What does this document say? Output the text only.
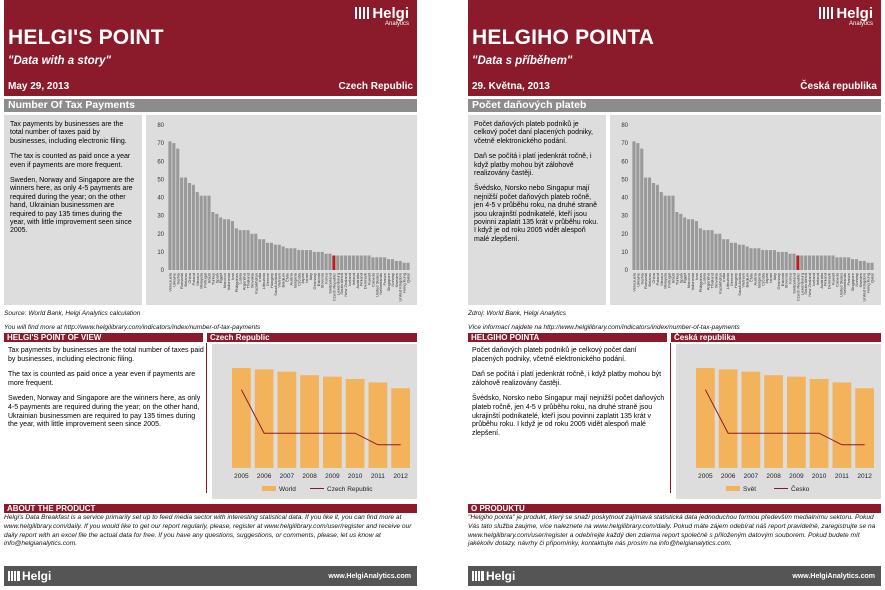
Helgi
Analytics
HELGI'S POINT
"Data with a story"
May 29, 2013	Czech Republic
Number Of Tax Payments

Tax payments by businesses are the total number of taxes paid by businesses, including electronic filing.

The tax is counted as paid once a year even if payments are more frequent.

Sweden, Norway and Singapore are the winners here, as only 4-5 payments are required during the year; on the other hand, Ukrainian businessmen are required to pay 135 times during the year, with little improvement seen since 2005.

0
10
20
30
40
50
60
70
80
Venezuela
Ukraine
Serbia
Romania
Belarus
China
Poland
Mexico
Malaysia
Portugal
Brazil
Turkey
Spain
Egypt
Morocco
Indonesia
Iran
Philippines
Latvia
Argentina
Thailand
Slovakia
Kazakhstan
India
Lithuania
Greece
Hungary
Saudi Arabia
Vietnam
Belgium
Chile
Austria
Bulgaria
Croatia
Japan
Israel
Italy
Germany
Estonia
Slovenia
Korea
Switzerland
Czech Republic
Luxembourg
South Africa
New Zealand
Iceland
Ireland
Australia
Finland
Denmark
Kuwait
Canada
United States
Netherlands
France
Singapore
Norway
Sweden
United Kingdom
Hong Kong
Qatar
Source: World Bank, Helgi Analytics calculation
You will find more at http://www.helgilibrary.com/indicators/index/number-of-tax-payments
HELGI'S POINT OF VIEW	Czech Republic

Tax payments by businesses are the total number of taxes paid by businesses, including electronic filing.

The tax is counted as paid once a year even if payments are more frequent.

Sweden, Norway and Singapore are the winners here, as only 4-5 payments are required during the year; on the other hand, Ukrainian businessmen are required to pay 135 times during the year, with little improvement seen since 2005.

2005 2006 2007 2008 2009 2010 2011 2012
World	Czech Republic
ABOUT THE PRODUCT
Helgi's Data Breakfast is a service primarily set up to feed media sector with interesting statistical data. If you like it, you can find more at www.helgilibrary.com/daily. If you would like to get our report regularly, please, register at www.helgilibrary.com/user/register and receive our daily report with an excel file the actual data for free. If you have any questions, suggestions, or comments, please, let us know at info@helgianalytics.com.
Helgi	www.HelgiAnalytics.com
Helgi
Analytics
HELGIHO POINTA
"Data s příběhem"
29. Května, 2013	Česká republika
Počet daňových plateb

Počet daňových plateb podniků je celkový počet daní placených podniky, včetně elektronického podání.

Daň se počítá i platí jedenkrát ročně, i když platby mohou být zálohově realizovány častěji.

Švédsko, Norsko nebo Singapur mají nejnižší počet daňových plateb ročně, jen 4-5 v průběhu roku, na druhé straně jsou ukrajinští podnikatelé, kteří jsou povinni zaplatit 135 krát v průběhu roku. I když je od roku 2005 vidět alespoň malé zlepšení.

0
10
20
30
40
50
60
70
80
Venezuela
Ukraine
Serbia
Romania
Belarus
China
Poland
Mexico
Malaysia
Portugal
Brazil
Turkey
Spain
Egypt
Morocco
Indonesia
Iran
Philippines
Latvia
Argentina
Thailand
Slovakia
Kazakhstan
India
Lithuania
Greece
Hungary
Saudi Arabia
Vietnam
Belgium
Chile
Austria
Bulgaria
Croatia
Japan
Israel
Italy
Germany
Estonia
Slovenia
Korea
Switzerland
Czech Republic
Luxembourg
South Africa
New Zealand
Iceland
Ireland
Australia
Finland
Denmark
Kuwait
Canada
United States
Netherlands
France
Singapore
Norway
Sweden
United Kingdom
Hong Kong
Qatar
Zdroj: World Bank, Helgi Analytics
Více informací najdete na http://www.helgilibrary.com/indicators/index/number-of-tax-payments
HELGIHO POINTA	Česká republika

Počet daňových plateb podniků je celkový počet daní placených podniky, včetně elektronického podání.

Daň se počítá i platí jedenkrát ročně, i když platby mohou být zálohově realizovány častěji.

Švédsko, Norsko nebo Singapur mají nejnižší počet daňových plateb ročně, jen 4-5 v průběhu roku, na druhé straně jsou ukrajinští podnikatelé, kteří jsou povinni zaplatit 135 krát v průběhu roku. I když je od roku 2005 vidět alespoň malé zlepšení.

2005 2006 2007 2008 2009 2010 2011 2012
Svět	Česko
O PRODUKTU
"Helgiho pointa" je produkt, který se snaží poskytnout zajímavá statistická data jednoduchou formou především medialnímu sektoru. Pokud Vás tato služba zaujme, více naleznete na www.helgilibrary.com/daily. Pokud máte zájem odebírat náš report pravidelně, zaregistrujte se na www.helgilibrary.com/user/register a odebírejte každý den zdarma report společně s přiloženým datovým souborem. Pokud budete mít jakékoliv dotazy, návrhy či připomínky, kontaktujte nás prosím na info@helgianalytics.com.
Helgi	www.HelgiAnalytics.com
